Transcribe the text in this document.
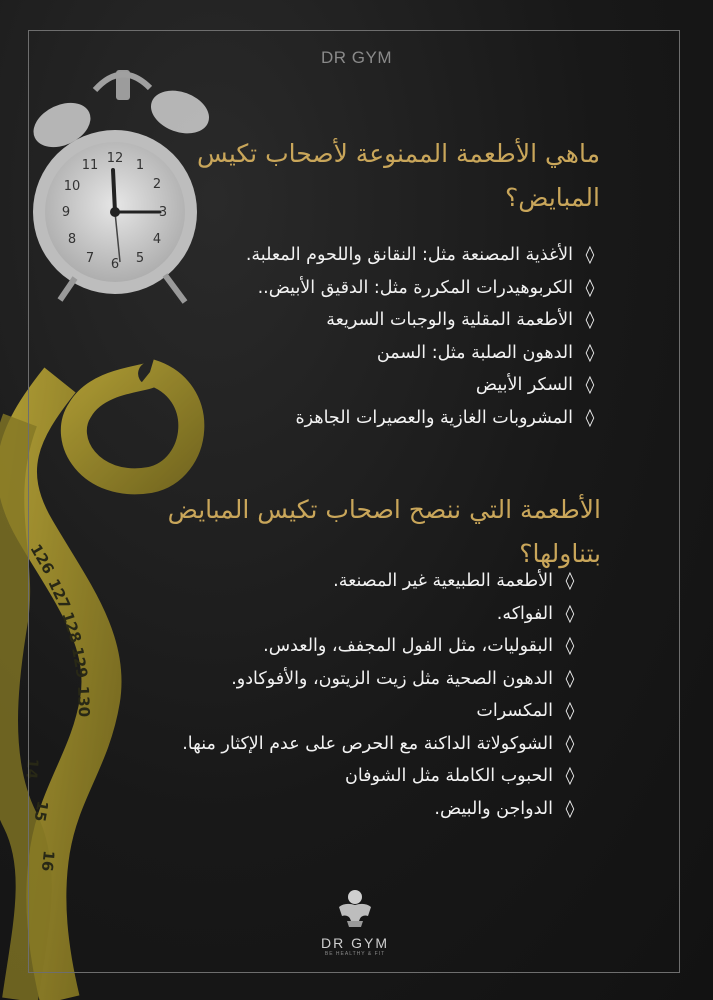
12 1
2
3
4
5
6
7
8
9
10
11
126
127
128
129
130
14
15
16
DR GYM
ماهي الأطعمة الممنوعة لأصحاب تكيس
المبايض؟
◊الأغذية المصنعة مثل: النقانق واللحوم المعلبة.
◊الكربوهيدرات المكررة مثل: الدقيق الأبيض..
◊الأطعمة المقلية والوجبات السريعة
◊الدهون الصلبة مثل: السمن
◊السكر الأبيض
◊المشروبات الغازية والعصيرات الجاهزة
الأطعمة التي ننصح اصحاب تكيس المبايض
بتناولها؟
◊الأطعمة الطبيعية غير المصنعة.
◊الفواكه.
◊البقوليات، مثل الفول المجفف، والعدس.
◊الدهون الصحية مثل زيت الزيتون، والأفوكادو.
◊المكسرات
◊الشوكولاتة الداكنة مع الحرص على عدم الإكثار منها.
◊الحبوب الكاملة مثل الشوفان
◊الدواجن والبيض.
DR GYM
BE HEALTHY & FIT
